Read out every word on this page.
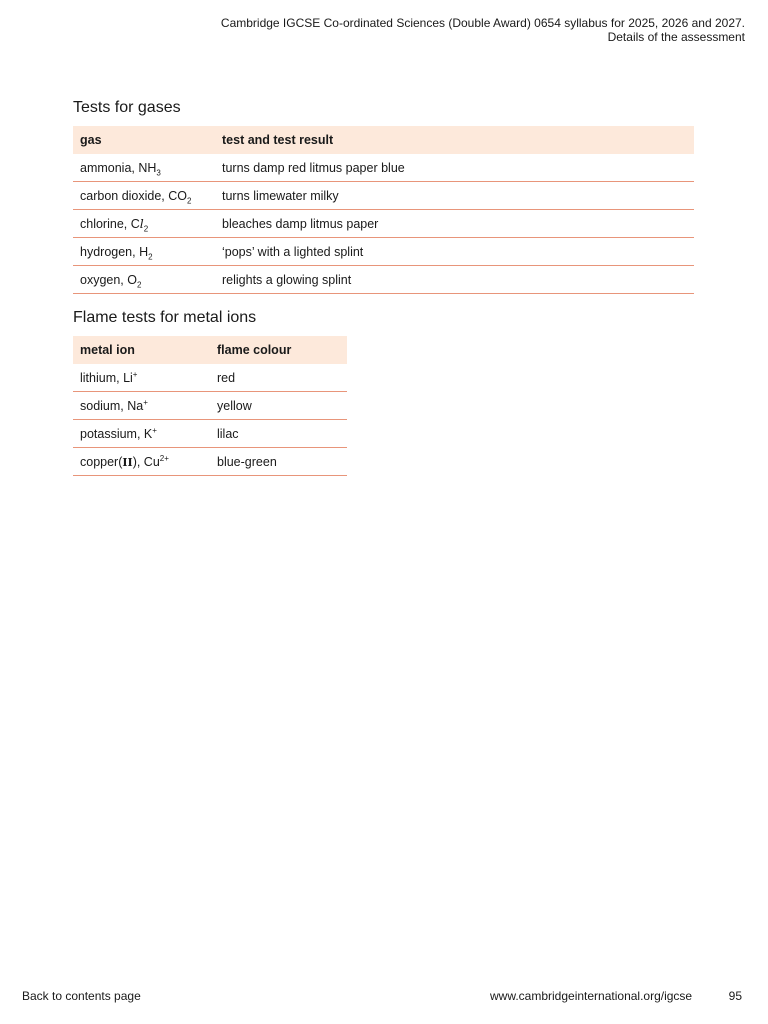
Cambridge IGCSE Co-ordinated Sciences (Double Award) 0654 syllabus for 2025, 2026 and 2027.
Details of the assessment
Tests for gases
gas	test and test result
ammonia, $NH_3$	turns damp red litmus paper blue
carbon dioxide, $CO_2$	turns limewater milky
chlorine, $Cl_2$	bleaches damp litmus paper
hydrogen, $H_2$	‘pops’ with a lighted splint
oxygen, $O_2$	relights a glowing splint
Flame tests for metal ions
metal ion	flame colour
lithium, Li+	red
sodium, Na+	yellow
potassium, K+	lilac
copper(II), $Cu^{2+}$	blue-green
Back to contents page	www.cambridgeinternational.org/igcse	95
